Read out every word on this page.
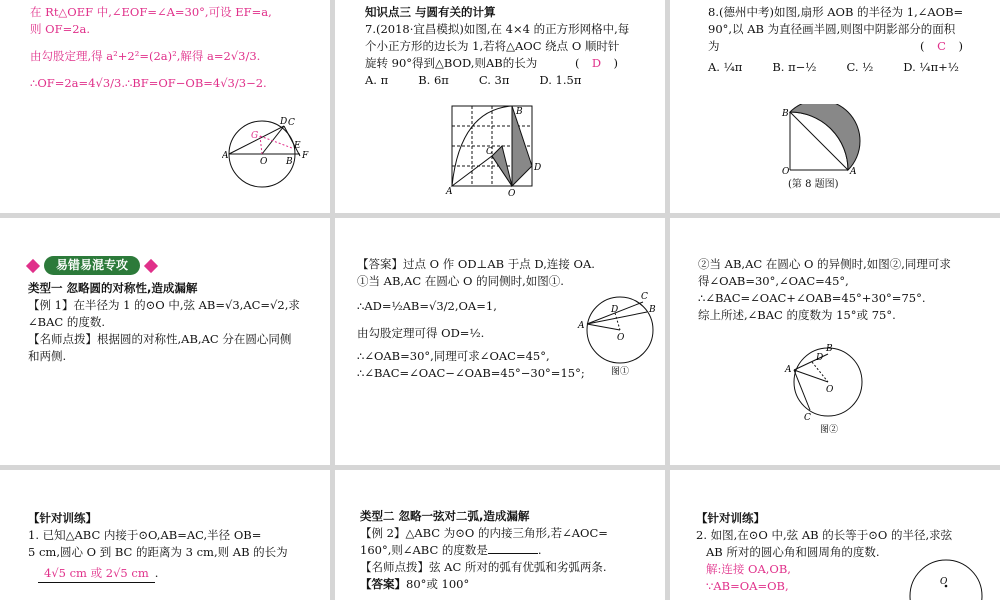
在 Rt△OEF 中,∠EOF=∠A=30°,可设 EF=a,
则 OF=2a.
由勾股定理,得 a²+2²=(2a)²,解得 a=2√3/3.
∴OF=2a=4√3/3.∴BF=OF−OB=4√3/3−2.
G
D C
A
O B
E
F
知识点三 与圆有关的计算
7.(2018·宜昌模拟)如图,在 4×4 的正方形网格中,每
个小正方形的边长为 1,若将△AOC 绕点 O 顺时针
旋转 90°得到△BOD,则AB的长为	( D )
A. π	B. 6π	C. 3π	D. 1.5π
B
C
D
A	O
8.(德州中考)如图,扇形 AOB 的半径为 1,∠AOB=
90°,以 AB 为直径画半圆,则图中阴影部分的面积
为	( C )
A. ¼π	B. π−½	C. ½	D. ¼π+½
B
O	A
(第 8 题图)
易错易混专攻
类型一 忽略圆的对称性,造成漏解
【例 1】在半径为 1 的⊙O 中,弦 AB=√3,AC=√2,求
∠BAC 的度数.
【名师点拨】根据圆的对称性,AB,AC 分在圆心同侧
和两侧.
【答案】过点 O 作 OD⊥AB 于点 D,连接 OA.
①当 AB,AC 在圆心 O 的同侧时,如图①.
∴AD=½AB=√3/2,OA=1,
由勾股定理可得 OD=½.
∴∠OAB=30°,同理可求∠OAC=45°,
∴∠BAC=∠OAC−∠OAB=45°−30°=15°;
C
B
D
A
O
图①
②当 AB,AC 在圆心 O 的异侧时,如图②,同理可求
得∠OAB=30°,∠OAC=45°,
∴∠BAC=∠OAC+∠OAB=45°+30°=75°.
综上所述,∠BAC 的度数为 15°或 75°.
B
D
A
O
C
图②
【针对训练】
1. 已知△ABC 内接于⊙O,AB=AC,半径 OB=
5 cm,圆心 O 到 BC 的距离为 3 cm,则 AB 的长为
4√5 cm 或 2√5 cm .
类型二 忽略一弦对二弧,造成漏解
【例 2】△ABC 为⊙O 的内接三角形,若∠AOC=
160°,则∠ABC 的度数是	.
【名师点拨】弦 AC 所对的弧有优弧和劣弧两条.
【答案】80°或 100°
【针对训练】
2. 如图,在⊙O 中,弦 AB 的长等于⊙O 的半径,求弦
AB 所对的圆心角和圆周角的度数.
解:连接 OA,OB,
∵AB=OA=OB,	O
